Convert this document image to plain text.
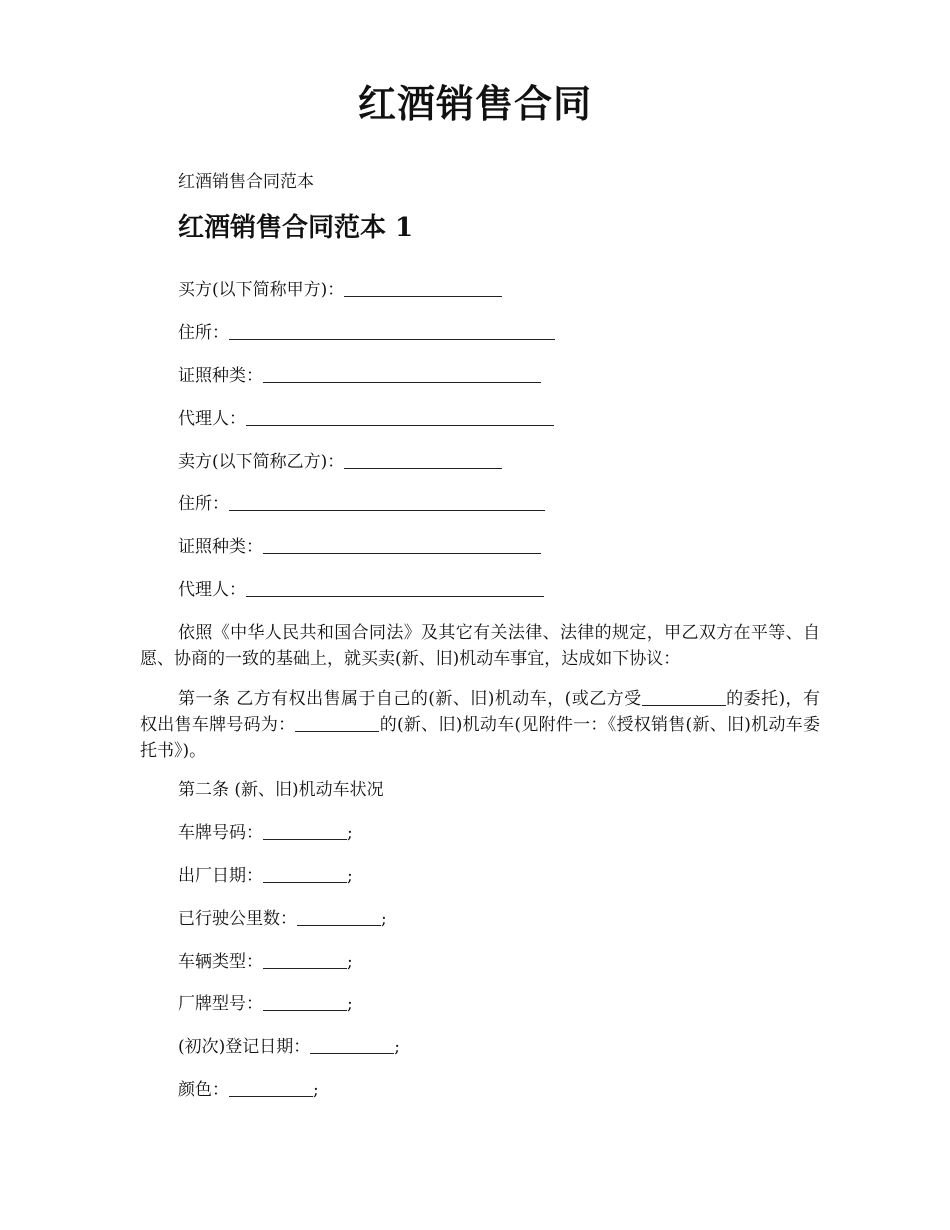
红酒销售合同

红酒销售合同范本

红酒销售合同范本 1

买方(以下简称甲方)：

住所：

证照种类：

代理人：

卖方(以下简称乙方)：

住所：

证照种类：

代理人：

依照《中华人民共和国合同法》及其它有关法律、法律的规定，甲乙双方在平等、自愿、协商的一致的基础上，就买卖(新、旧)机动车事宜，达成如下协议：

第一条 乙方有权出售属于自己的(新、旧)机动车，(或乙方受	的委托)，有权出售车牌号码为：	的(新、旧)机动车(见附件一：《授权销售(新、旧)机动车委托书》)。

第二条 (新、旧)机动车状况

车牌号码：	;

出厂日期：	;

已行驶公里数：	;

车辆类型：	;

厂牌型号：	;

(初次)登记日期：	;

颜色：	;
